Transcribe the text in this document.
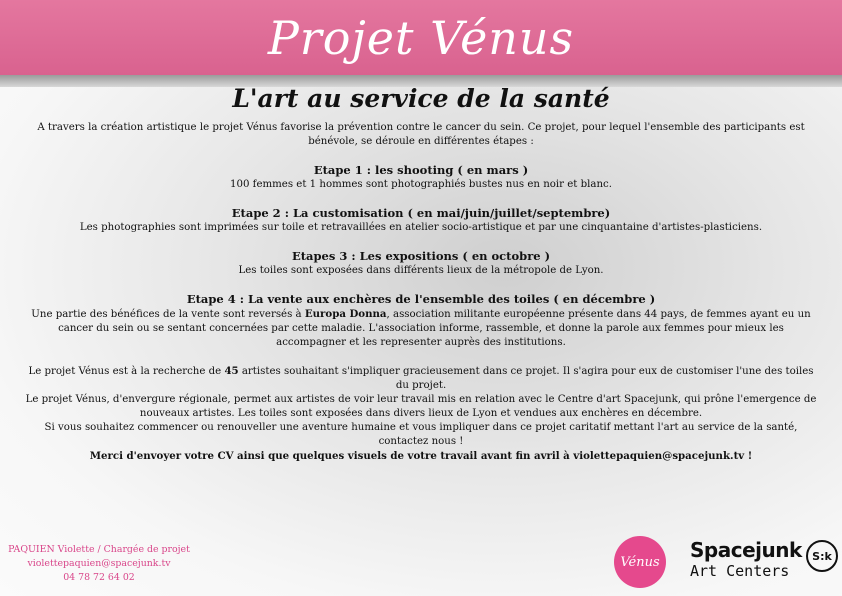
Projet Vénus
L'art au service de la santé

A travers la création artistique le projet Vénus favorise la prévention contre le cancer du sein. Ce projet, pour lequel l'ensemble des participants est bénévole, se déroule en différentes étapes :

Etape 1 : les shooting ( en mars )

100 femmes et 1 hommes sont photographiés bustes nus en noir et blanc.

Etape 2 : La customisation ( en mai/juin/juillet/septembre)

Les photographies sont imprimées sur toile et retravaillées en atelier socio-artistique et par une cinquantaine d'artistes-plasticiens.

Etapes 3 : Les expositions ( en octobre )

Les toiles sont exposées dans différents lieux de la métropole de Lyon.

Etape 4 : La vente aux enchères de l'ensemble des toiles ( en décembre )

Une partie des bénéfices de la vente sont reversés à Europa Donna, association militante européenne présente dans 44 pays, de femmes ayant eu un cancer du sein ou se sentant concernées par cette maladie. L'association informe, rassemble, et donne la parole aux femmes pour mieux les accompagner et les representer auprès des institutions.

Le projet Vénus est à la recherche de 45 artistes souhaitant s'impliquer gracieusement dans ce projet. Il s'agira pour eux de customiser l'une des toiles du projet.

Le projet Vénus, d'envergure régionale, permet aux artistes de voir leur travail mis en relation avec le Centre d'art Spacejunk, qui prône l'emergence de nouveaux artistes. Les toiles sont exposées dans divers lieux de Lyon et vendues aux enchères en décembre.

Si vous souhaitez commencer ou renouveller une aventure humaine et vous impliquer dans ce projet caritatif mettant l'art au service de la santé, contactez nous !

Merci d'envoyer votre CV ainsi que quelques visuels de votre travail avant fin avril à violettepaquien@spacejunk.tv !

PAQUIEN Violette / Chargée de projet
violettepaquien@spacejunk.tv
04 78 72 64 02
Vénus Spacejunk
Art Centers
S:k
